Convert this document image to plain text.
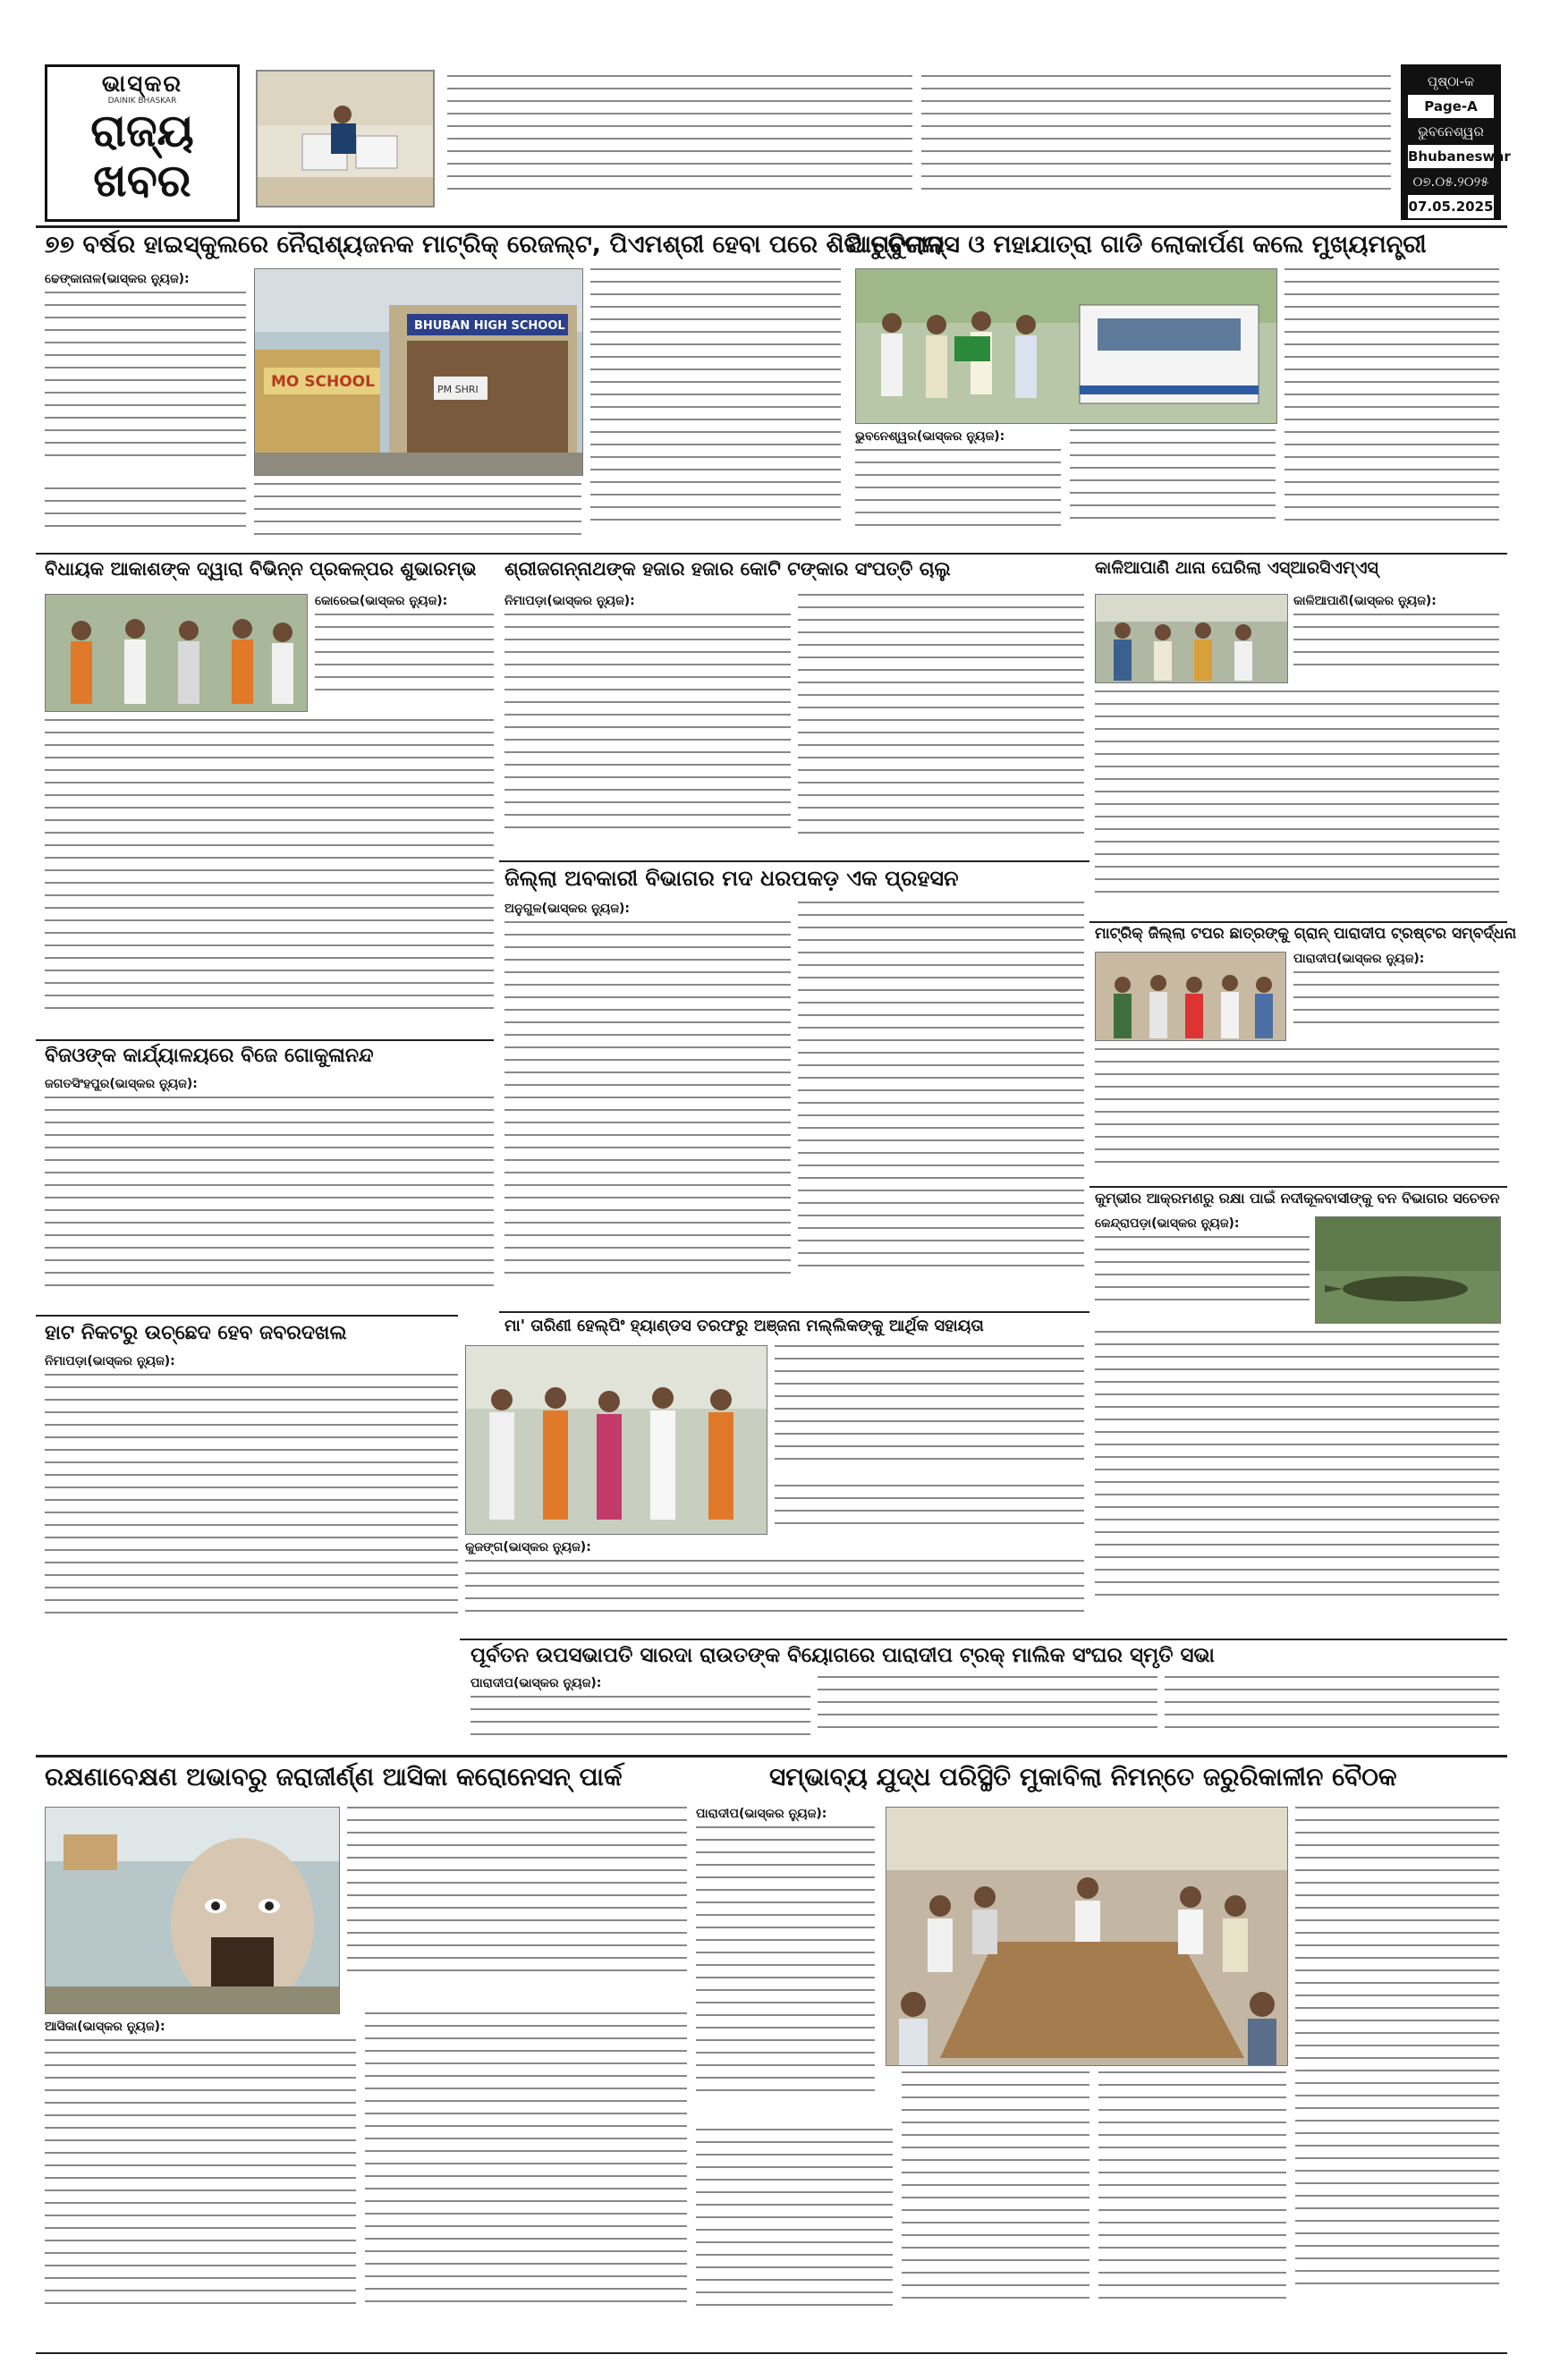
ଭାସ୍କର
DAINIK BHASKAR
ରାଜ୍ୟ
ଖବର
ପୃଷ୍ଠା-କ
Page-A
ଭୁବନେଶ୍ୱର
Bhubaneswar
୦୭.୦୫.୨୦୨୫
07.05.2025
୭୭ ବର୍ଷର ହାଇସ୍କୁଲରେ ନୈରାଶ୍ୟଜନକ ମାଟ୍ରିକ୍ ରେଜଲ୍ଟ, ପିଏମଶ୍ରୀ ହେବା ପରେ ଶିରି ତୁଟିଗଲା
ଆମ୍ବୁଲାନ୍ସ ଓ ମହାଯାତ୍ରା ଗାଡି ଲୋକାର୍ପଣ କଲେ ମୁଖ୍ୟମନ୍ତ୍ରୀ
ଢେଙ୍କାନାଳ(ଭାସ୍କର ନ୍ୟୁଜ):
MO SCHOOL
BHUBAN HIGH SCHOOL
PM SHRI
ଭୁବନେଶ୍ୱର(ଭାସ୍କର ନ୍ୟୁଜ):
ବିଧାୟକ ଆକାଶଙ୍କ ଦ୍ୱାରା ବିଭିନ୍ନ ପ୍ରକଳ୍ପର ଶୁଭାରମ୍ଭ ଶ୍ରୀଜଗନ୍ନାଥଙ୍କ ହଜାର ହଜାର କୋଟି ଟଙ୍କାର ସଂପତ୍ତି ଚାଲୁ	କାଳିଆପାଣି ଥାନା ଘେରିଲା ଏସ୍‌ଆରସିଏମ୍‌ଏସ୍
କୋରେଇ(ଭାସ୍କର ନ୍ୟୁଜ):	ନିମାପଡ଼ା(ଭାସ୍କର ନ୍ୟୁଜ):	କାଳିଆପାଣି(ଭାସ୍କର ନ୍ୟୁଜ):
ଜିଲ୍ଲା ଅବକାରୀ ବିଭାଗର ମଦ ଧରପକଡ଼ ଏକ ପ୍ରହସନ
ଅନୁଗୁଳ(ଭାସ୍କର ନ୍ୟୁଜ):
ମାଟ୍ରିକ୍ ଜିଲ୍ଲା ଟପର ଛାତ୍ରଙ୍କୁ ଗ୍ରାନ୍ ପାରାଦୀପ ଟ୍ରଷ୍ଟର ସମ୍ବର୍ଦ୍ଧନା
ପାରାଦୀପ(ଭାସ୍କର ନ୍ୟୁଜ):
ବିଜଓଙ୍କ କାର୍ଯ୍ୟାଳୟରେ ବିଜେ ଗୋକୁଳାନନ୍ଦ
ଜଗତସିଂହପୁର(ଭାସ୍କର ନ୍ୟୁଜ):
ମା' ତାରିଣୀ ହେଲ୍‌ପିଂ ହ୍ୟାଣ୍ଡସ ତରଫରୁ ଅଞ୍ଜନା ମଲ୍ଲିକଙ୍କୁ ଆର୍ଥିକ ସହାୟତା
କୁଜଙ୍ଗ(ଭାସ୍କର ନ୍ୟୁଜ):
କୁମ୍ଭୀର ଆକ୍ରମଣରୁ ରକ୍ଷା ପାଇଁ ନଦୀକୂଳବାସୀଙ୍କୁ ବନ ବିଭାଗର ସଚେତନ
କେନ୍ଦ୍ରାପଡ଼ା(ଭାସ୍କର ନ୍ୟୁଜ):
ହାଟ ନିକଟରୁ ଉଚ୍ଛେଦ ହେବ ଜବରଦଖଲ
ନିମାପଡ଼ା(ଭାସ୍କର ନ୍ୟୁଜ):
ପୂର୍ବତନ ଉପସଭାପତି ସାରଦା ରାଉତଙ୍କ ବିୟୋଗରେ ପାରାଦୀପ ଟ୍ରକ୍ ମାଲିକ ସଂଘର ସ୍ମୃତି ସଭା
ପାରାଦୀପ(ଭାସ୍କର ନ୍ୟୁଜ):
ରକ୍ଷଣାବେକ୍ଷଣ ଅଭାବରୁ ଜରାଜୀର୍ଣ୍ଣ ଆସିକା କରୋନେସନ୍ ପାର୍କ	ସମ୍ଭାବ୍ୟ ଯୁଦ୍ଧ ପରିସ୍ଥିତି ମୁକାବିଲା ନିମନ୍ତେ ଜରୁରିକାଳୀନ ବୈଠକ
ଆସିକା(ଭାସ୍କର ନ୍ୟୁଜ):
ପାରାଦୀପ(ଭାସ୍କର ନ୍ୟୁଜ):
